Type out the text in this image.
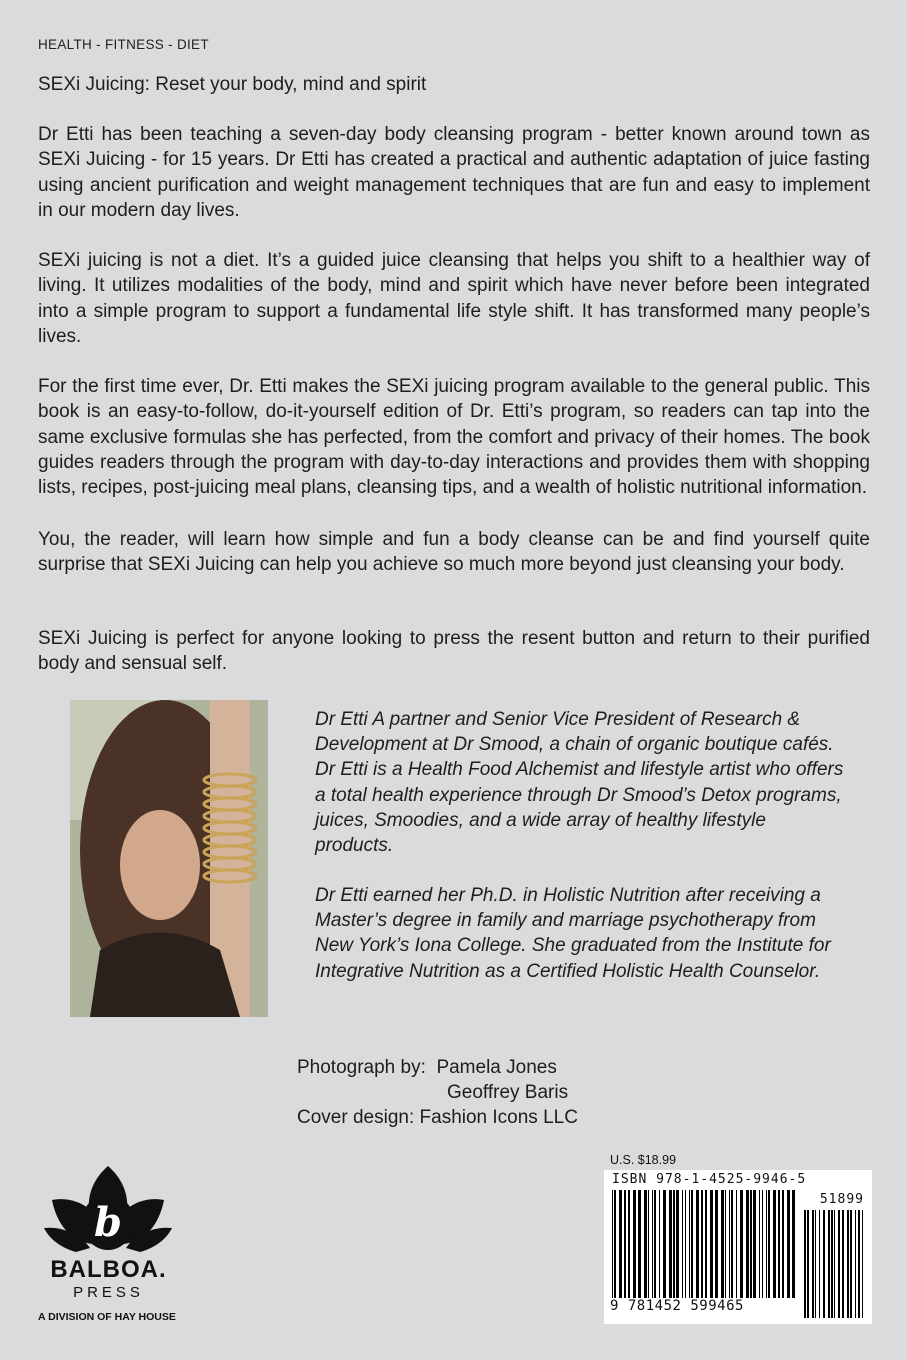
HEALTH - FITNESS - DIET
SEXi Juicing: Reset your body, mind and spirit

Dr Etti has been teaching a seven-day body cleansing program - better known around town as SEXi Juicing - for 15 years. Dr Etti has created a practical and authentic adaptation of juice fasting using ancient purification and weight management techniques that are fun and easy to implement in our modern day lives.

SEXi juicing is not a diet. It’s a guided juice cleansing that helps you shift to a healthier way of living. It utilizes modalities of the body, mind and spirit which have never before been integrated into a simple program to support a fundamental life style shift. It has transformed many people’s lives.

For the first time ever, Dr. Etti makes the SEXi juicing program available to the general public. This book is an easy-to-follow, do-it-yourself edition of Dr. Etti’s program, so readers can tap into the same exclusive formulas she has perfected, from the comfort and privacy of their homes. The book guides readers through the program with day-to-day interactions and provides them with shopping lists, recipes, post-juicing meal plans, cleansing tips, and a wealth of holistic nutritional information.

You, the reader, will learn how simple and fun a body cleanse can be and find yourself quite surprise that SEXi Juicing can help you achieve so much more beyond just cleansing your body.

SEXi Juicing is perfect for anyone looking to press the resent button and return to their purified body and sensual self.

Dr Etti A partner and Senior Vice President of Research & Development at Dr Smood, a chain of organic boutique cafés. Dr Etti is a Health Food Alchemist and lifestyle artist who offers a total health experience through Dr Smood’s Detox programs, juices, Smoodies, and a wide array of healthy lifestyle products.

Dr Etti earned her Ph.D. in Holistic Nutrition after receiving a Master’s degree in family and marriage psychotherapy from New York’s Iona College. She graduated from the Institute for Integrative Nutrition as a Certified Holistic Health Counselor.

Photograph by:
Pamela Jones
Geoffrey Baris
Cover design:
Fashion Icons LLC
b
BALBOA.
PRESS
A DIVISION OF HAY HOUSE
U.S. $18.99
ISBN 978-1-4525-9946-5
51899
9 781452 599465
